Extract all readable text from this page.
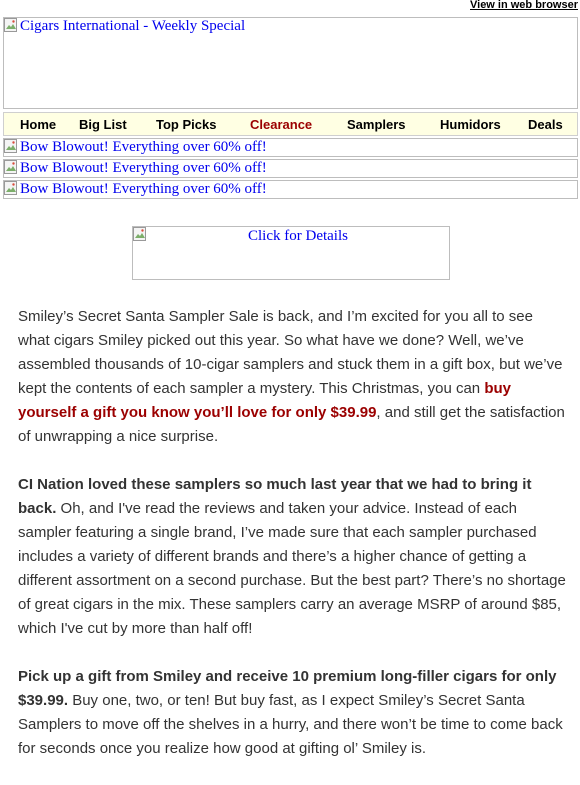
View in web browser
Cigars International - Weekly Special
Home Big List Top Picks	Clearance	Samplers	Humidors Deals
Bow Blowout! Everything over 60% off!
Bow Blowout! Everything over 60% off!
Bow Blowout! Everything over 60% off!
Click for Details

Smiley’s Secret Santa Sampler Sale is back, and I’m excited for you all to see what cigars Smiley picked out this year. So what have we done? Well, we’ve assembled thousands of 10-cigar samplers and stuck them in a gift box, but we’ve kept the contents of each sampler a mystery. This Christmas, you can buy yourself a gift you know you’ll love for only $39.99, and still get the satisfaction of unwrapping a nice surprise.

CI Nation loved these samplers so much last year that we had to bring it back. Oh, and I've read the reviews and taken your advice. Instead of each sampler featuring a single brand, I’ve made sure that each sampler purchased includes a variety of different brands and there’s a higher chance of getting a different assortment on a second purchase. But the best part? There’s no shortage of great cigars in the mix. These samplers carry an average MSRP of around $85, which I've cut by more than half off!

Pick up a gift from Smiley and receive 10 premium long-filler cigars for only $39.99. Buy one, two, or ten! But buy fast, as I expect Smiley’s Secret Santa Samplers to move off the shelves in a hurry, and there won’t be time to come back for seconds once you realize how good at gifting ol’ Smiley is.
